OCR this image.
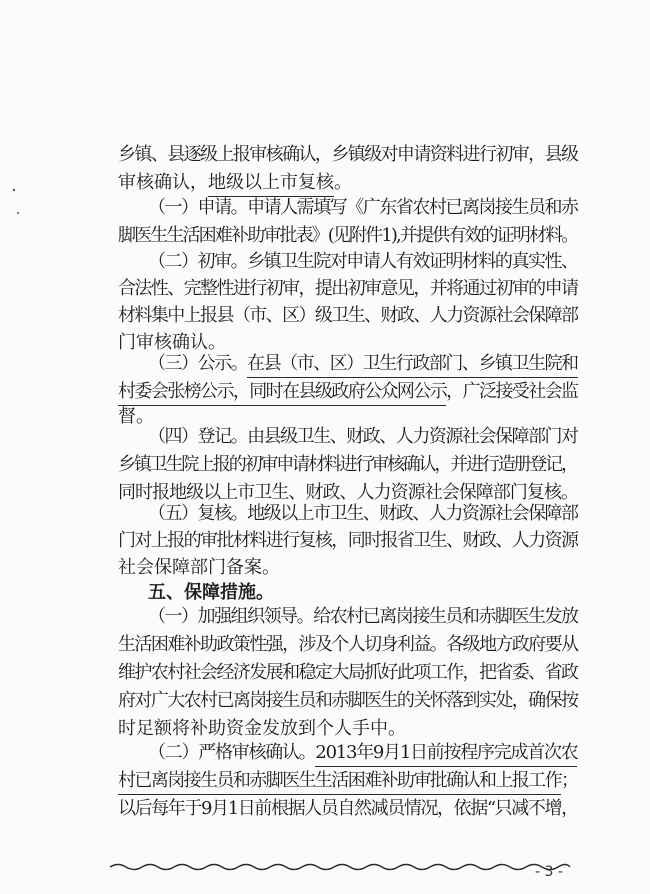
乡镇、县逐级上报审核确认，乡镇级对申请资料进行初审，县级
审核确认，地级以上市复核。
（一）申请。申请人需填写《广东省农村已离岗接生员和赤
脚医生生活困难补助审批表》(见附件1),并提供有效的证明材料。
（二）初审。乡镇卫生院对申请人有效证明材料的真实性、
合法性、完整性进行初审，提出初审意见，并将通过初审的申请
材料集中上报县（市、区）级卫生、财政、人力资源社会保障部
门审核确认。
（三）公示。在县（市、区）卫生行政部门、乡镇卫生院和
村委会张榜公示，同时在县级政府公众网公示，广泛接受社会监
督。
（四）登记。由县级卫生、财政、人力资源社会保障部门对
乡镇卫生院上报的初审申请材料进行审核确认，并进行造册登记，
同时报地级以上市卫生、财政、人力资源社会保障部门复核。
（五）复核。地级以上市卫生、财政、人力资源社会保障部
门对上报的审批材料进行复核，同时报省卫生、财政、人力资源
社会保障部门备案。
五、保障措施。
（一）加强组织领导。给农村已离岗接生员和赤脚医生发放
生活困难补助政策性强，涉及个人切身利益。各级地方政府要从
维护农村社会经济发展和稳定大局抓好此项工作，把省委、省政
府对广大农村已离岗接生员和赤脚医生的关怀落到实处，确保按
时足额将补助资金发放到个人手中。
（二）严格审核确认。2013年9月1日前按程序完成首次农
村已离岗接生员和赤脚医生生活困难补助审批确认和上报工作；
以后每年于9月1日前根据人员自然减员情况，依据“只减不增，
- 3 -
